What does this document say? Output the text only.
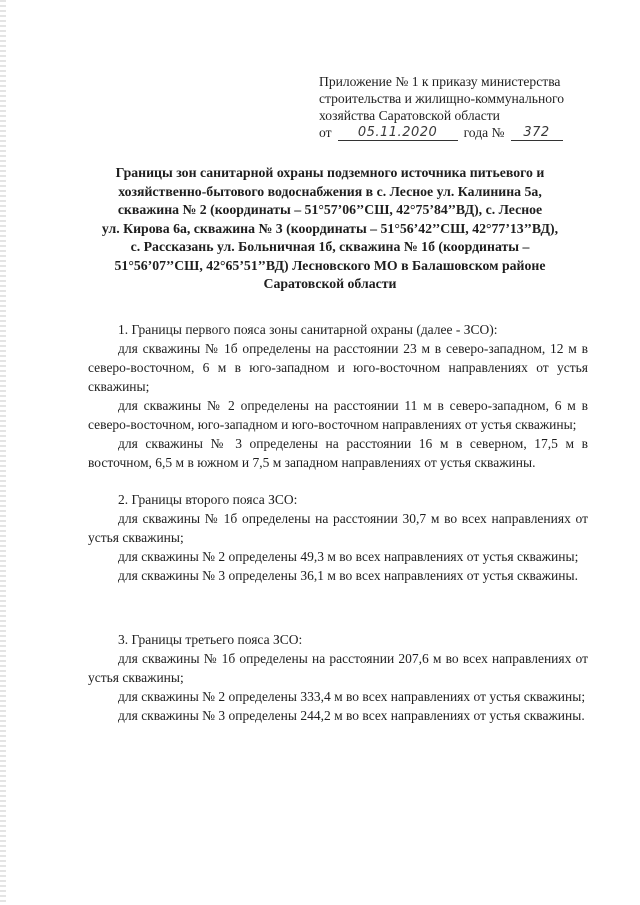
Приложение № 1 к приказу министерства
строительства и жилищно-коммунального
хозяйства Саратовской области
от	05.11.2020	года №	372
Границы зон санитарной охраны подземного источника питьевого и
хозяйственно-бытового водоснабжения в с. Лесное ул. Калинина 5а,
скважина № 2 (координаты – 51°57’06’’СШ, 42°75’84’’ВД), с. Лесное
ул. Кирова 6а, скважина № 3 (координаты – 51°56’42’’СШ, 42°77’13’’ВД),
с. Рассказань ул. Больничная 1б, скважина № 1б (координаты –
51°56’07’’СШ, 42°65’51’’ВД) Лесновского МО в Балашовском районе
Саратовской области
1. Границы первого пояса зоны санитарной охраны (далее - ЗСО):

для скважины № 1б определены на расстоянии 23 м в северо-западном, 12 м в северо-восточном, 6 м в юго-западном и юго-восточном направлениях от устья скважины;

для скважины № 2 определены на расстоянии 11 м в северо-западном, 6 м в северо-восточном, юго-западном и юго-восточном направлениях от устья скважины;

для скважины № 3 определены на расстоянии 16 м в северном, 17,5 м в восточном, 6,5 м в южном и 7,5 м западном направлениях от устья скважины.

2. Границы второго пояса ЗСО:

для скважины № 1б определены на расстоянии 30,7 м во всех направлениях от устья скважины;

для скважины № 2 определены 49,3 м во всех направлениях от устья скважины;

для скважины № 3 определены 36,1 м во всех направлениях от устья скважины.

3. Границы третьего пояса ЗСО:

для скважины № 1б определены на расстоянии 207,6 м во всех направлениях от устья скважины;

для скважины № 2 определены 333,4 м во всех направлениях от устья скважины;

для скважины № 3 определены 244,2 м во всех направлениях от устья скважины.
